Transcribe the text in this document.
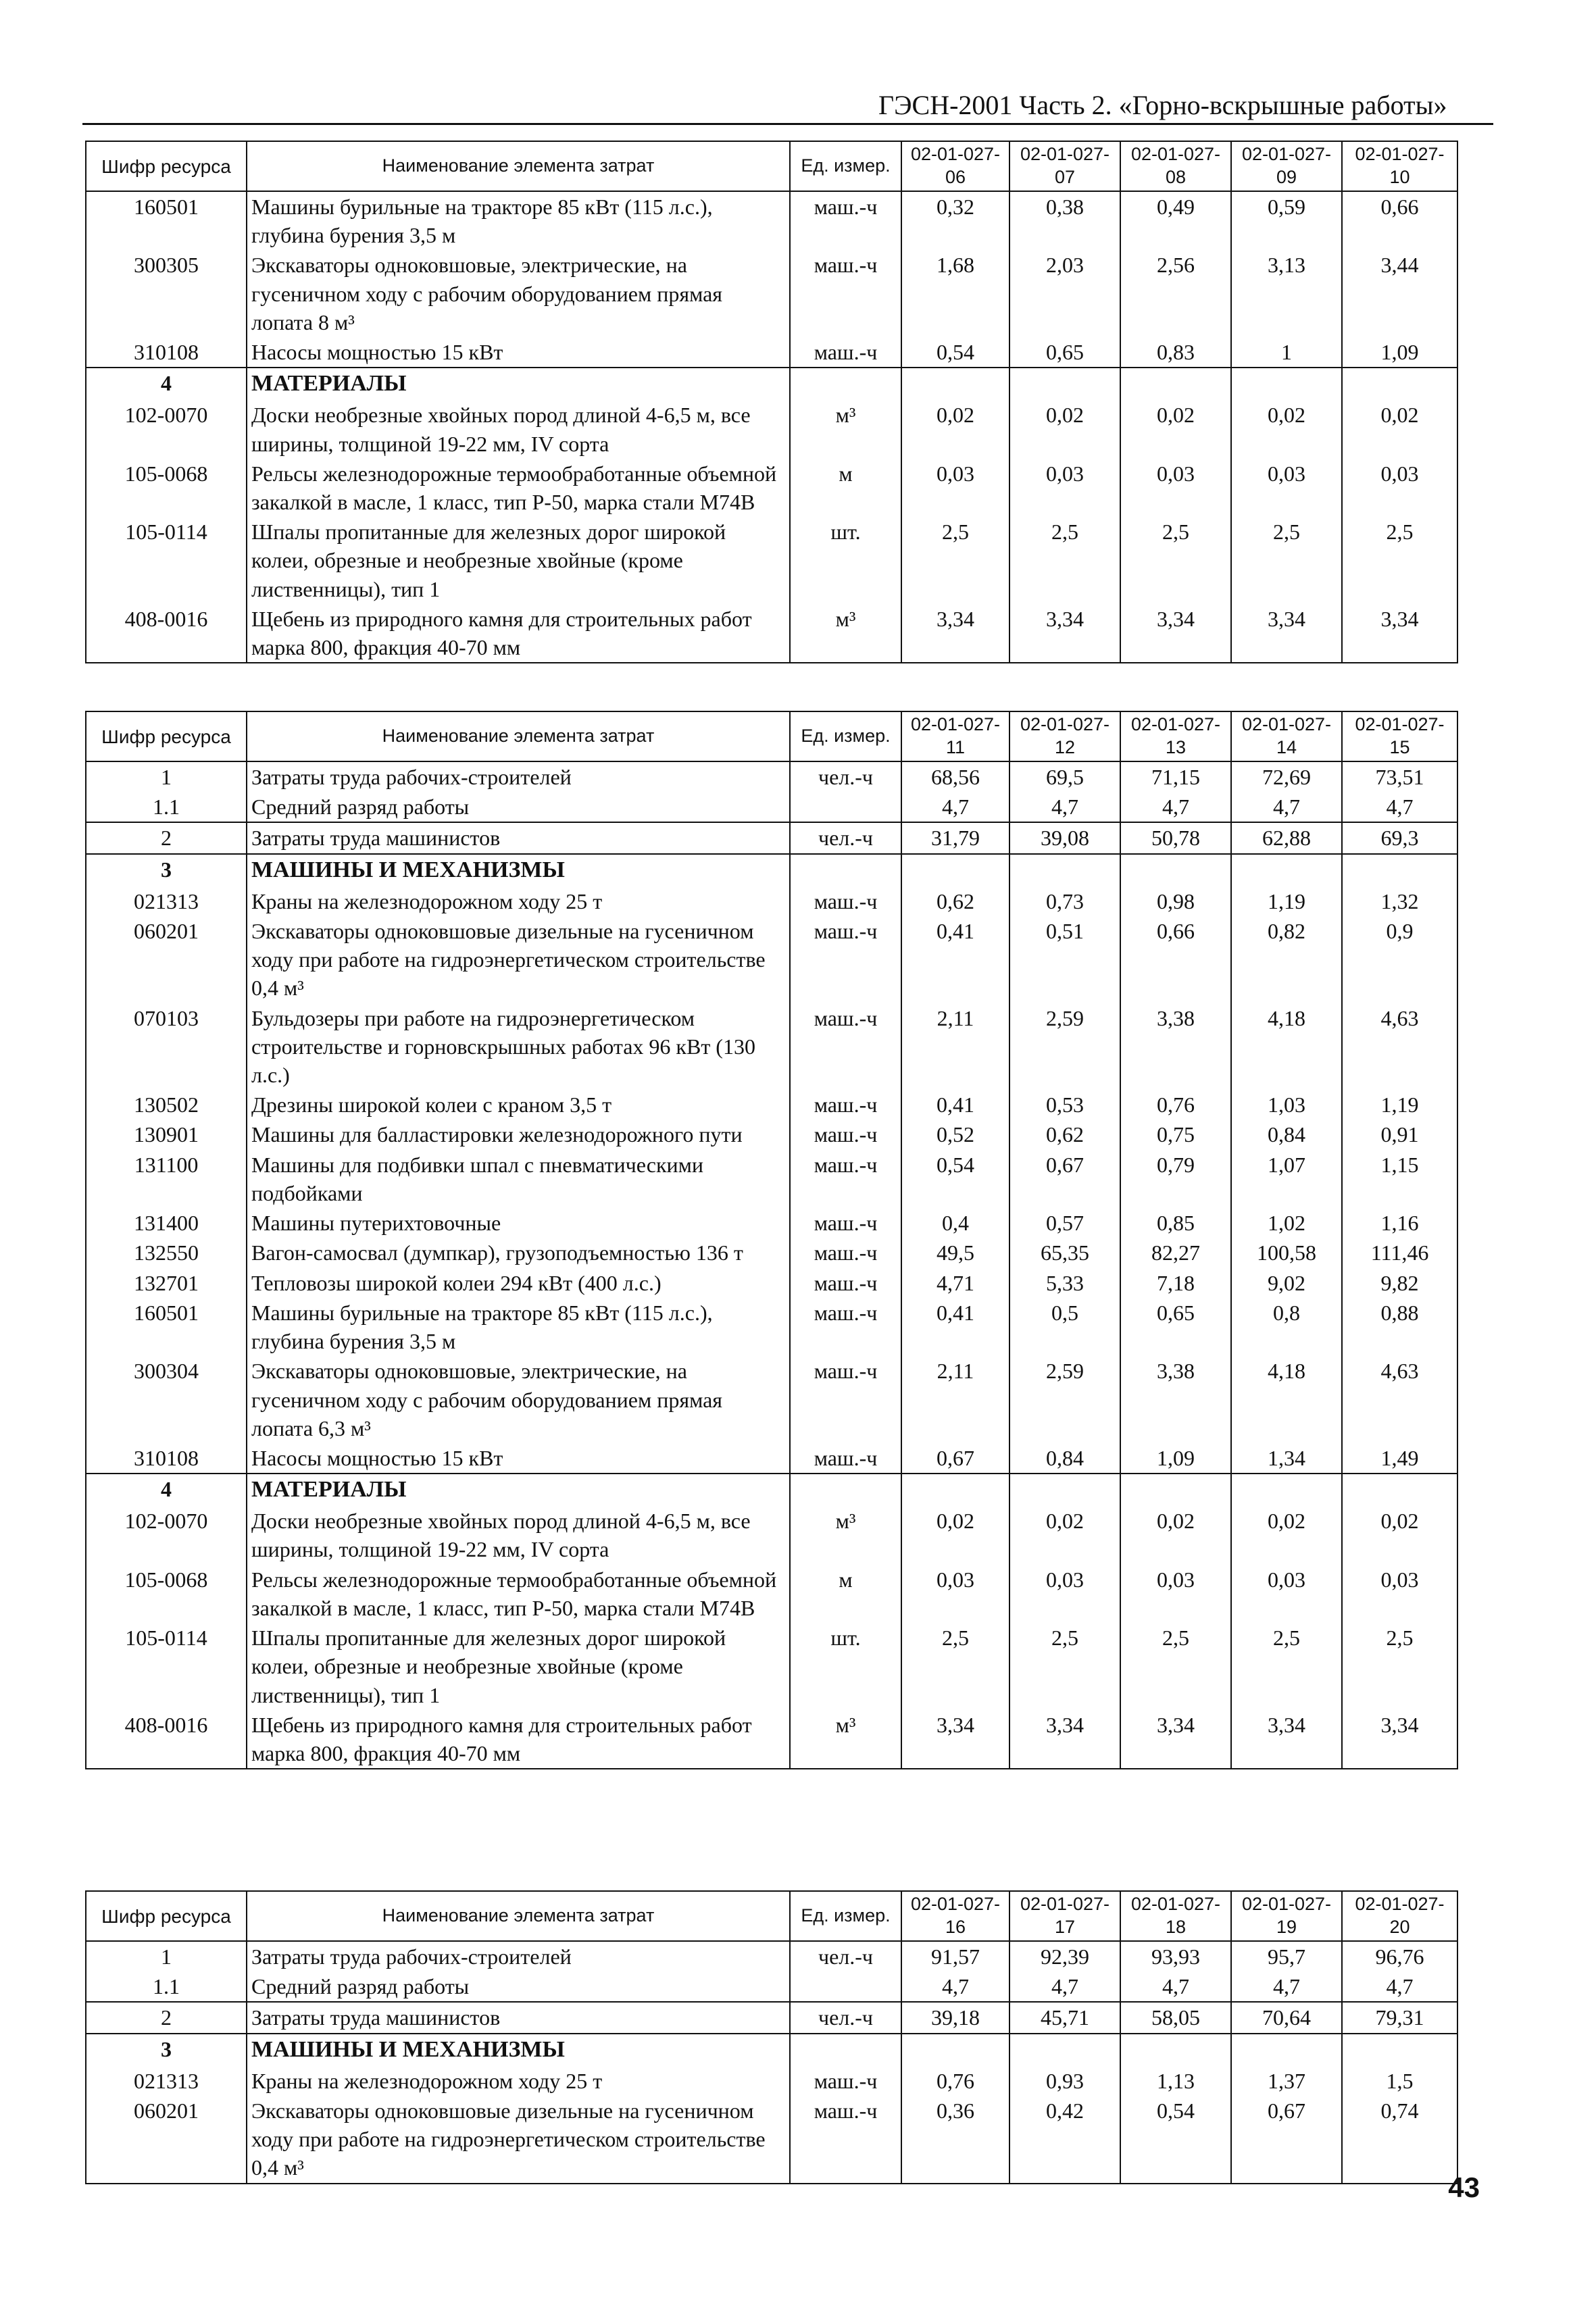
ГЭСН-2001 Часть 2. «Горно-вскрышные работы»
Шифр ресурса	Наименование элемента затрат	Ед. измер.	02-01-027-06	02-01-027-07	02-01-027-08	02-01-027-09	02-01-027-10
160501	Машины бурильные на тракторе 85 кВт (115 л.с.), глубина бурения 3,5 м	маш.-ч	0,32	0,38	0,49	0,59	0,66
300305	Экскаваторы одноковшовые, электрические, на гусеничном ходу с рабочим оборудованием прямая лопата 8 м³	маш.-ч	1,68	2,03	2,56	3,13	3,44
310108	Насосы мощностью 15 кВт	маш.-ч	0,54	0,65	0,83	1	1,09
4	МАТЕРИАЛЫ						
102-0070	Доски необрезные хвойных пород длиной 4-6,5 м, все ширины, толщиной 19-22 мм, IV сорта	м³	0,02	0,02	0,02	0,02	0,02
105-0068	Рельсы железнодорожные термообработанные объемной закалкой в масле, 1 класс, тип Р-50, марка стали М74В	м	0,03	0,03	0,03	0,03	0,03
105-0114	Шпалы пропитанные для железных дорог широкой колеи, обрезные и необрезные хвойные (кроме лиственницы), тип 1	шт.	2,5	2,5	2,5	2,5	2,5
408-0016	Щебень из природного камня для строительных работ марка 800, фракция 40-70 мм	м³	3,34	3,34	3,34	3,34	3,34
Шифр ресурса	Наименование элемента затрат	Ед. измер.	02-01-027-11	02-01-027-12	02-01-027-13	02-01-027-14	02-01-027-15
1	Затраты труда рабочих-строителей	чел.-ч	68,56	69,5	71,15	72,69	73,51
1.1	Средний разряд работы		4,7	4,7	4,7	4,7	4,7
2	Затраты труда машинистов	чел.-ч	31,79	39,08	50,78	62,88	69,3
3	МАШИНЫ И МЕХАНИЗМЫ						
021313	Краны на железнодорожном ходу 25 т	маш.-ч	0,62	0,73	0,98	1,19	1,32
060201	Экскаваторы одноковшовые дизельные на гусеничном ходу при работе на гидроэнергетическом строительстве 0,4 м³	маш.-ч	0,41	0,51	0,66	0,82	0,9
070103	Бульдозеры при работе на гидроэнергетическом строительстве и горновскрышных работах 96 кВт (130 л.с.)	маш.-ч	2,11	2,59	3,38	4,18	4,63
130502	Дрезины широкой колеи с краном 3,5 т	маш.-ч	0,41	0,53	0,76	1,03	1,19
130901	Машины для балластировки железнодорожного пути	маш.-ч	0,52	0,62	0,75	0,84	0,91
131100	Машины для подбивки шпал с пневматическими подбойками	маш.-ч	0,54	0,67	0,79	1,07	1,15
131400	Машины путерихтовочные	маш.-ч	0,4	0,57	0,85	1,02	1,16
132550	Вагон-самосвал (думпкар), грузоподъемностью 136 т	маш.-ч	49,5	65,35	82,27	100,58	111,46
132701	Тепловозы широкой колеи 294 кВт (400 л.с.)	маш.-ч	4,71	5,33	7,18	9,02	9,82
160501	Машины бурильные на тракторе 85 кВт (115 л.с.), глубина бурения 3,5 м	маш.-ч	0,41	0,5	0,65	0,8	0,88
300304	Экскаваторы одноковшовые, электрические, на гусеничном ходу с рабочим оборудованием прямая лопата 6,3 м³	маш.-ч	2,11	2,59	3,38	4,18	4,63
310108	Насосы мощностью 15 кВт	маш.-ч	0,67	0,84	1,09	1,34	1,49
4	МАТЕРИАЛЫ						
102-0070	Доски необрезные хвойных пород длиной 4-6,5 м, все ширины, толщиной 19-22 мм, IV сорта	м³	0,02	0,02	0,02	0,02	0,02
105-0068	Рельсы железнодорожные термообработанные объемной закалкой в масле, 1 класс, тип Р-50, марка стали М74В	м	0,03	0,03	0,03	0,03	0,03
105-0114	Шпалы пропитанные для железных дорог широкой колеи, обрезные и необрезные хвойные (кроме лиственницы), тип 1	шт.	2,5	2,5	2,5	2,5	2,5
408-0016	Щебень из природного камня для строительных работ марка 800, фракция 40-70 мм	м³	3,34	3,34	3,34	3,34	3,34
Шифр ресурса	Наименование элемента затрат	Ед. измер.	02-01-027-16	02-01-027-17	02-01-027-18	02-01-027-19	02-01-027-20
1	Затраты труда рабочих-строителей	чел.-ч	91,57	92,39	93,93	95,7	96,76
1.1	Средний разряд работы		4,7	4,7	4,7	4,7	4,7
2	Затраты труда машинистов	чел.-ч	39,18	45,71	58,05	70,64	79,31
3	МАШИНЫ И МЕХАНИЗМЫ						
021313	Краны на железнодорожном ходу 25 т	маш.-ч	0,76	0,93	1,13	1,37	1,5
060201	Экскаваторы одноковшовые дизельные на гусеничном ходу при работе на гидроэнергетическом строительстве 0,4 м³	маш.-ч	0,36	0,42	0,54	0,67	0,74
43
